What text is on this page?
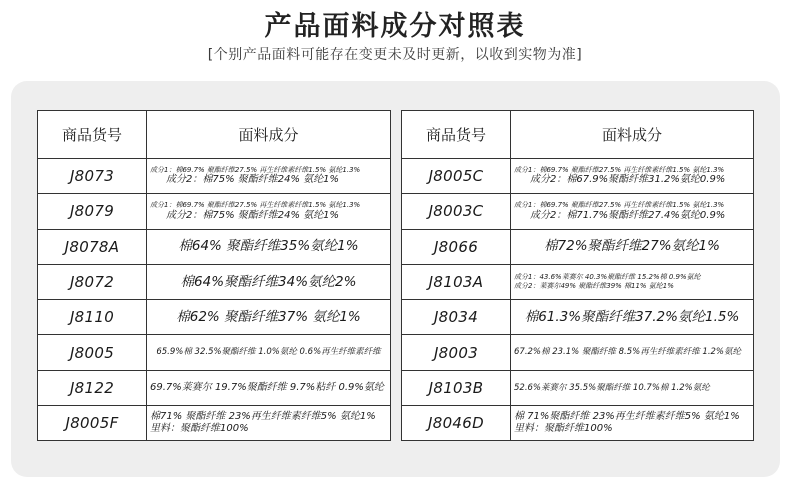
产品面料成分对照表
[个别产品面料可能存在变更未及时更新，以收到实物为准]
商品货号	面料成分
J8073	成分1：棉69.7% 聚酯纤维27.5% 再生纤维素纤维1.5% 氨纶1.3%
成分2：棉75% 聚酯纤维24% 氨纶1%

J8079	成分1：棉69.7% 聚酯纤维27.5% 再生纤维素纤维1.5% 氨纶1.3%
成分2：棉75% 聚酯纤维24% 氨纶1%

J8078A	棉64% 聚酯纤维35%氨纶1%

J8072	棉64%聚酯纤维34%氨纶2%

J8110	棉62% 聚酯纤维37% 氨纶1%

J8005	65.9%棉 32.5%聚酯纤维 1.0%氨纶 0.6%再生纤维素纤维

J8122	69.7%莱赛尔 19.7%聚酯纤维 9.7%粘纤 0.9%氨纶

J8005F	棉71% 聚酯纤维 23%再生纤维素纤维5% 氨纶1%
里料：聚酯纤维100%
商品货号	面料成分
J8005C	成分1：棉69.7% 聚酯纤维27.5% 再生纤维素纤维1.5% 氨纶1.3%
成分2：棉67.9%聚酯纤维31.2%氨纶0.9%

J8003C	成分1：棉69.7% 聚酯纤维27.5% 再生纤维素纤维1.5% 氨纶1.3%
成分2：棉71.7%聚酯纤维27.4%氨纶0.9%

J8066	棉72%聚酯纤维27%氨纶1%

J8103A	成分1：43.6%莱赛尔 40.3%聚酯纤维 15.2%棉 0.9%氨纶
成分2：莱赛尔49% 聚酯纤维39% 棉11% 氨纶1%

J8034	棉61.3%聚酯纤维37.2%氨纶1.5%

J8003	67.2%棉 23.1% 聚酯纤维 8.5%再生纤维素纤维 1.2%氨纶

J8103B	52.6%莱赛尔 35.5%聚酯纤维 10.7%棉 1.2%氨纶

J8046D	棉 71%聚酯纤维 23%再生纤维素纤维5% 氨纶1%
里料：聚酯纤维100%
